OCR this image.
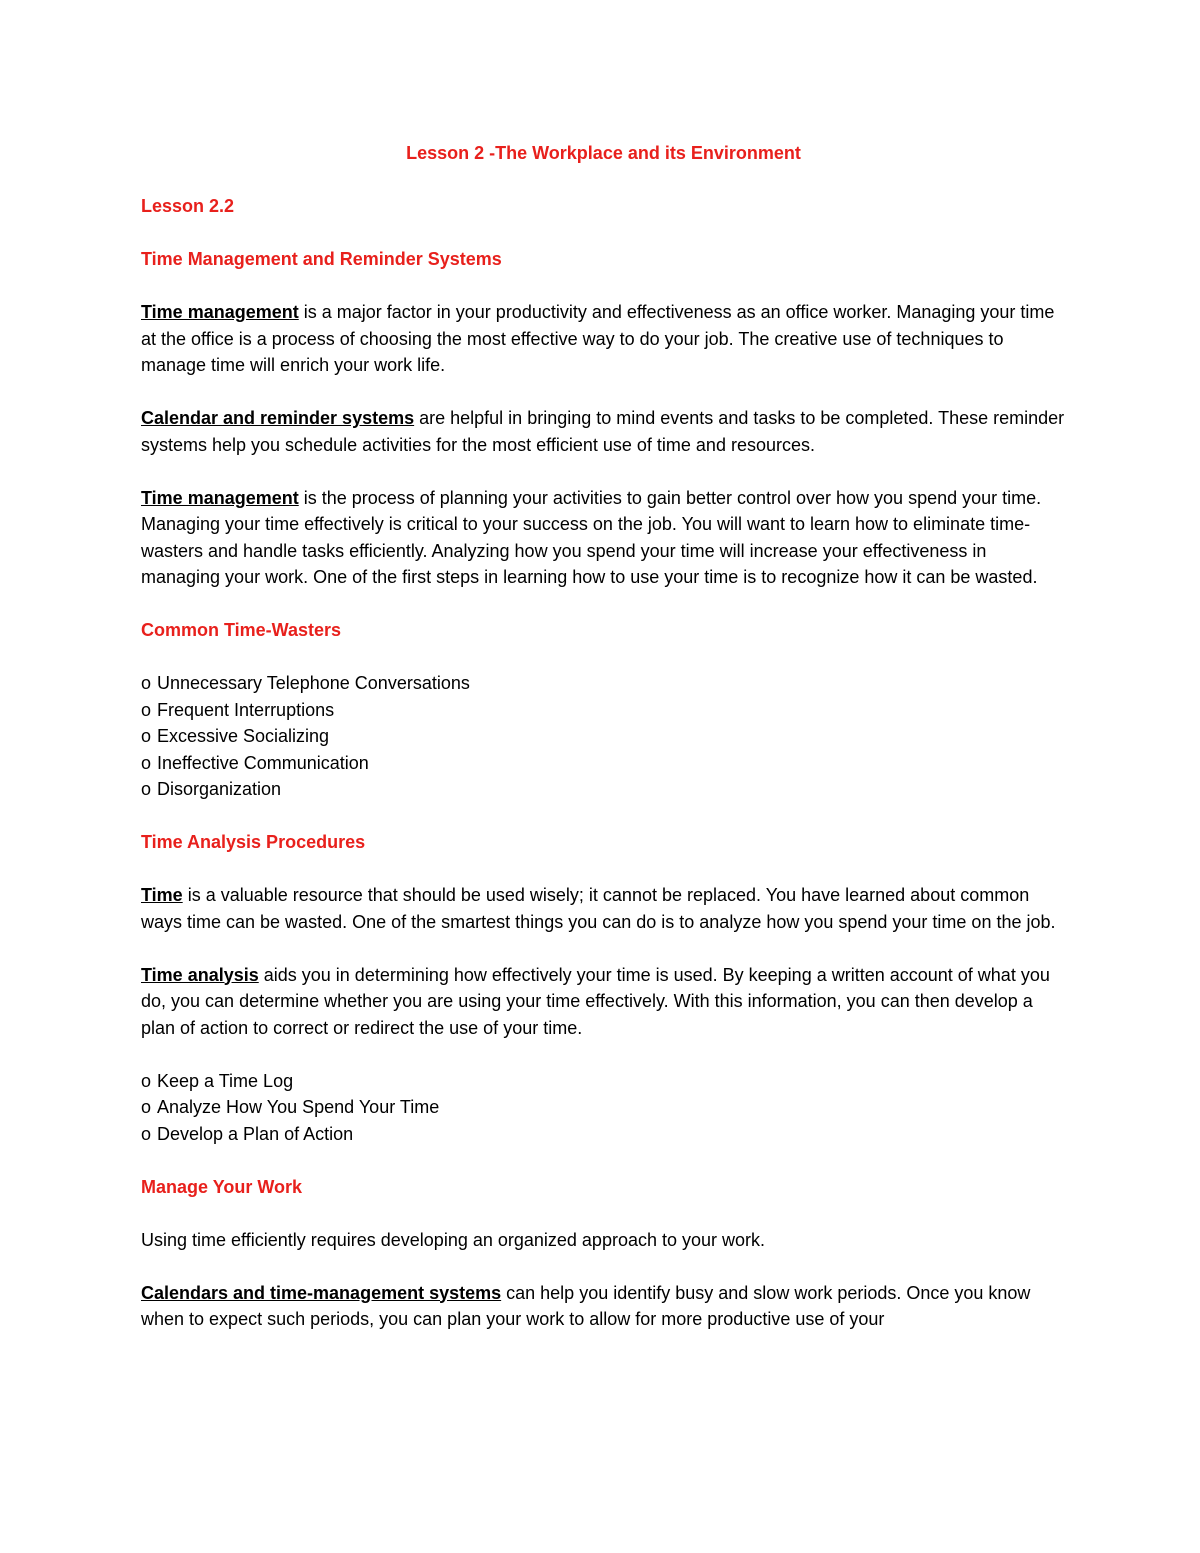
Lesson 2 -The Workplace and its Environment
Lesson 2.2
Time Management and Reminder Systems

Time management is a major factor in your productivity and effectiveness as an office worker. Managing your time at the office is a process of choosing the most effective way to do your job. The creative use of techniques to manage time will enrich your work life.

Calendar and reminder systems are helpful in bringing to mind events and tasks to be completed. These reminder systems help you schedule activities for the most efficient use of time and resources.

Time management is the process of planning your activities to gain better control over how you spend your time. Managing your time effectively is critical to your success on the job. You will want to learn how to eliminate time-wasters and handle tasks efficiently. Analyzing how you spend your time will increase your effectiveness in managing your work. One of the first steps in learning how to use your time is to recognize how it can be wasted.

Common Time-Wasters
o Unnecessary Telephone Conversations
o Frequent Interruptions
o Excessive Socializing
o Ineffective Communication
o Disorganization
Time Analysis Procedures

Time is a valuable resource that should be used wisely; it cannot be replaced. You have learned about common ways time can be wasted. One of the smartest things you can do is to analyze how you spend your time on the job.

Time analysis aids you in determining how effectively your time is used. By keeping a written account of what you do, you can determine whether you are using your time effectively. With this information, you can then develop a plan of action to correct or redirect the use of your time.

o Keep a Time Log
o Analyze How You Spend Your Time
o Develop a Plan of Action
Manage Your Work

Using time efficiently requires developing an organized approach to your work.

Calendars and time-management systems can help you identify busy and slow work periods. Once you know when to expect such periods, you can plan your work to allow for more productive use of your
